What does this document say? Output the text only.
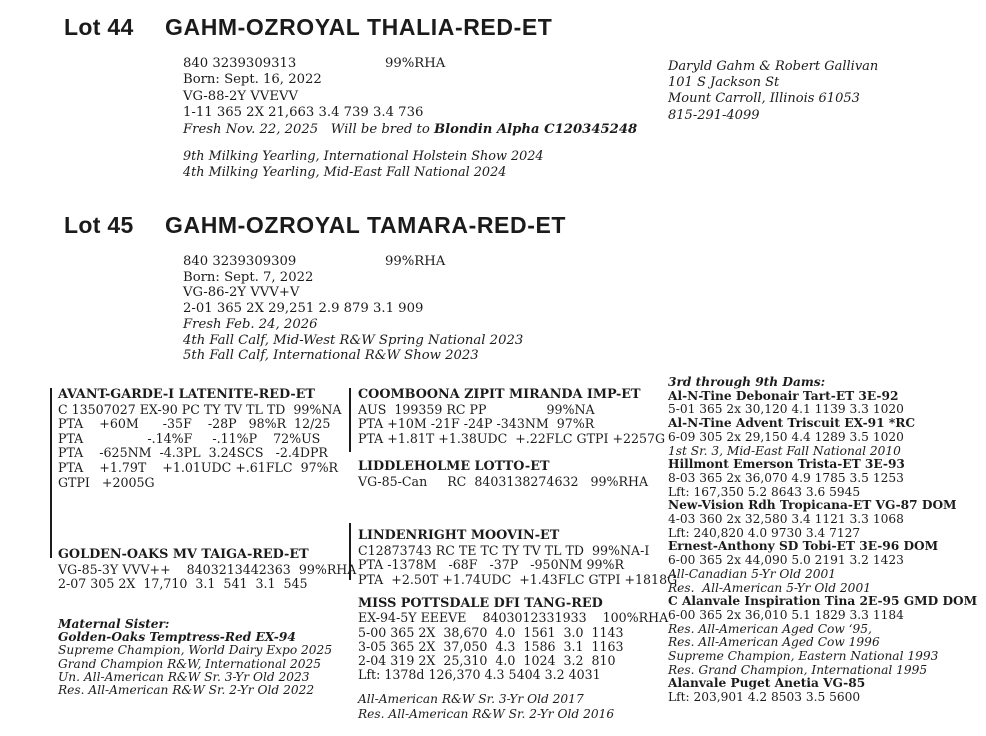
Lot 44	GAHM-OZROYAL THALIA-RED-ET
840 3239309313	99%RHA
Born: Sept. 16, 2022
VG-88-2Y VVEVV
1-11 365 2X 21,663 3.4 739 3.4 736
Fresh Nov. 22, 2025   Will be bred to Blondin Alpha C120345248
Daryld Gahm & Robert Gallivan
101 S Jackson St
Mount Carroll, Illinois 61053
815-291-4099
9th Milking Yearling, International Holstein Show 2024
4th Milking Yearling, Mid-East Fall National 2024
Lot 45	GAHM-OZROYAL TAMARA-RED-ET
840 3239309309	99%RHA
Born: Sept. 7, 2022
VG-86-2Y VVV+V
2-01 365 2X 29,251 2.9 879 3.1 909
Fresh Feb. 24, 2026
4th Fall Calf, Mid-West R&W Spring National 2023
5th Fall Calf, International R&W Show 2023
AVANT-GARDE-I LATENITE-RED-ET
C 13507027 EX-90 PC TY TV TL TD  99%NA
PTA    +60M      -35F    -28P   98%R  12/25
PTA                -.14%F     -.11%P    72%US
PTA    -625NM  -4.3PL  3.24SCS   -2.4DPR
PTA    +1.79T    +1.01UDC +.61FLC  97%R
GTPI   +2005G
GOLDEN-OAKS MV TAIGA-RED-ET
VG-85-3Y VVV++    8403213442363  99%RHA
2-07 305 2X  17,710  3.1  541  3.1  545
Maternal Sister:
Golden-Oaks Temptress-Red EX-94
Supreme Champion, World Dairy Expo 2025
Grand Champion R&W, International 2025
Un. All-American R&W Sr. 3-Yr Old 2023
Res. All-American R&W Sr. 2-Yr Old 2022
COOMBOONA ZIPIT MIRANDA IMP-ET
AUS  199359 RC PP               99%NA
PTA +10M -21F -24P -343NM  97%R
PTA +1.81T +1.38UDC  +.22FLC GTPI +2257G
LIDDLEHOLME LOTTO-ET
VG-85-Can     RC  8403138274632   99%RHA
LINDENRIGHT MOOVIN-ET
C12873743 RC TE TC TY TV TL TD  99%NA-I
PTA -1378M   -68F   -37P   -950NM 99%R
PTA  +2.50T +1.74UDC  +1.43FLC GTPI +1818G
MISS POTTSDALE DFI TANG-RED
EX-94-5Y EEEVE    8403012331933    100%RHA
5-00 365 2X  38,670  4.0  1561  3.0  1143
3-05 365 2X  37,050  4.3  1586  3.1  1163
2-04 319 2X  25,310  4.0  1024  3.2  810
Lft: 1378d 126,370 4.3 5404 3.2 4031
All-American R&W Sr. 3-Yr Old 2017
Res. All-American R&W Sr. 2-Yr Old 2016
3rd through 9th Dams:
Al-N-Tine Debonair Tart-ET 3E-92
5-01 365 2x 30,120 4.1 1139 3.3 1020
Al-N-Tine Advent Triscuit EX-91 *RC
6-09 305 2x 29,150 4.4 1289 3.5 1020
1st Sr. 3, Mid-East Fall National 2010
Hillmont Emerson Trista-ET 3E-93
8-03 365 2x 36,070 4.9 1785 3.5 1253
Lft: 167,350 5.2 8643 3.6 5945
New-Vision Rdh Tropicana-ET VG-87 DOM
4-03 360 2x 32,580 3.4 1121 3.3 1068
Lft: 240,820 4.0 9730 3.4 7127
Ernest-Anthony SD Tobi-ET 3E-96 DOM
6-00 365 2x 44,090 5.0 2191 3.2 1423
All-Canadian 5-Yr Old 2001
Res.  All-American 5-Yr Old 2001
C Alanvale Inspiration Tina 2E-95 GMD DOM
6-00 365 2x 36,010 5.1 1829 3.3 1184
Res. All-American Aged Cow ‘95,
Res. All-American Aged Cow 1996
Supreme Champion, Eastern National 1993
Res. Grand Champion, International 1995
Alanvale Puget Anetia VG-85
Lft: 203,901 4.2 8503 3.5 5600
